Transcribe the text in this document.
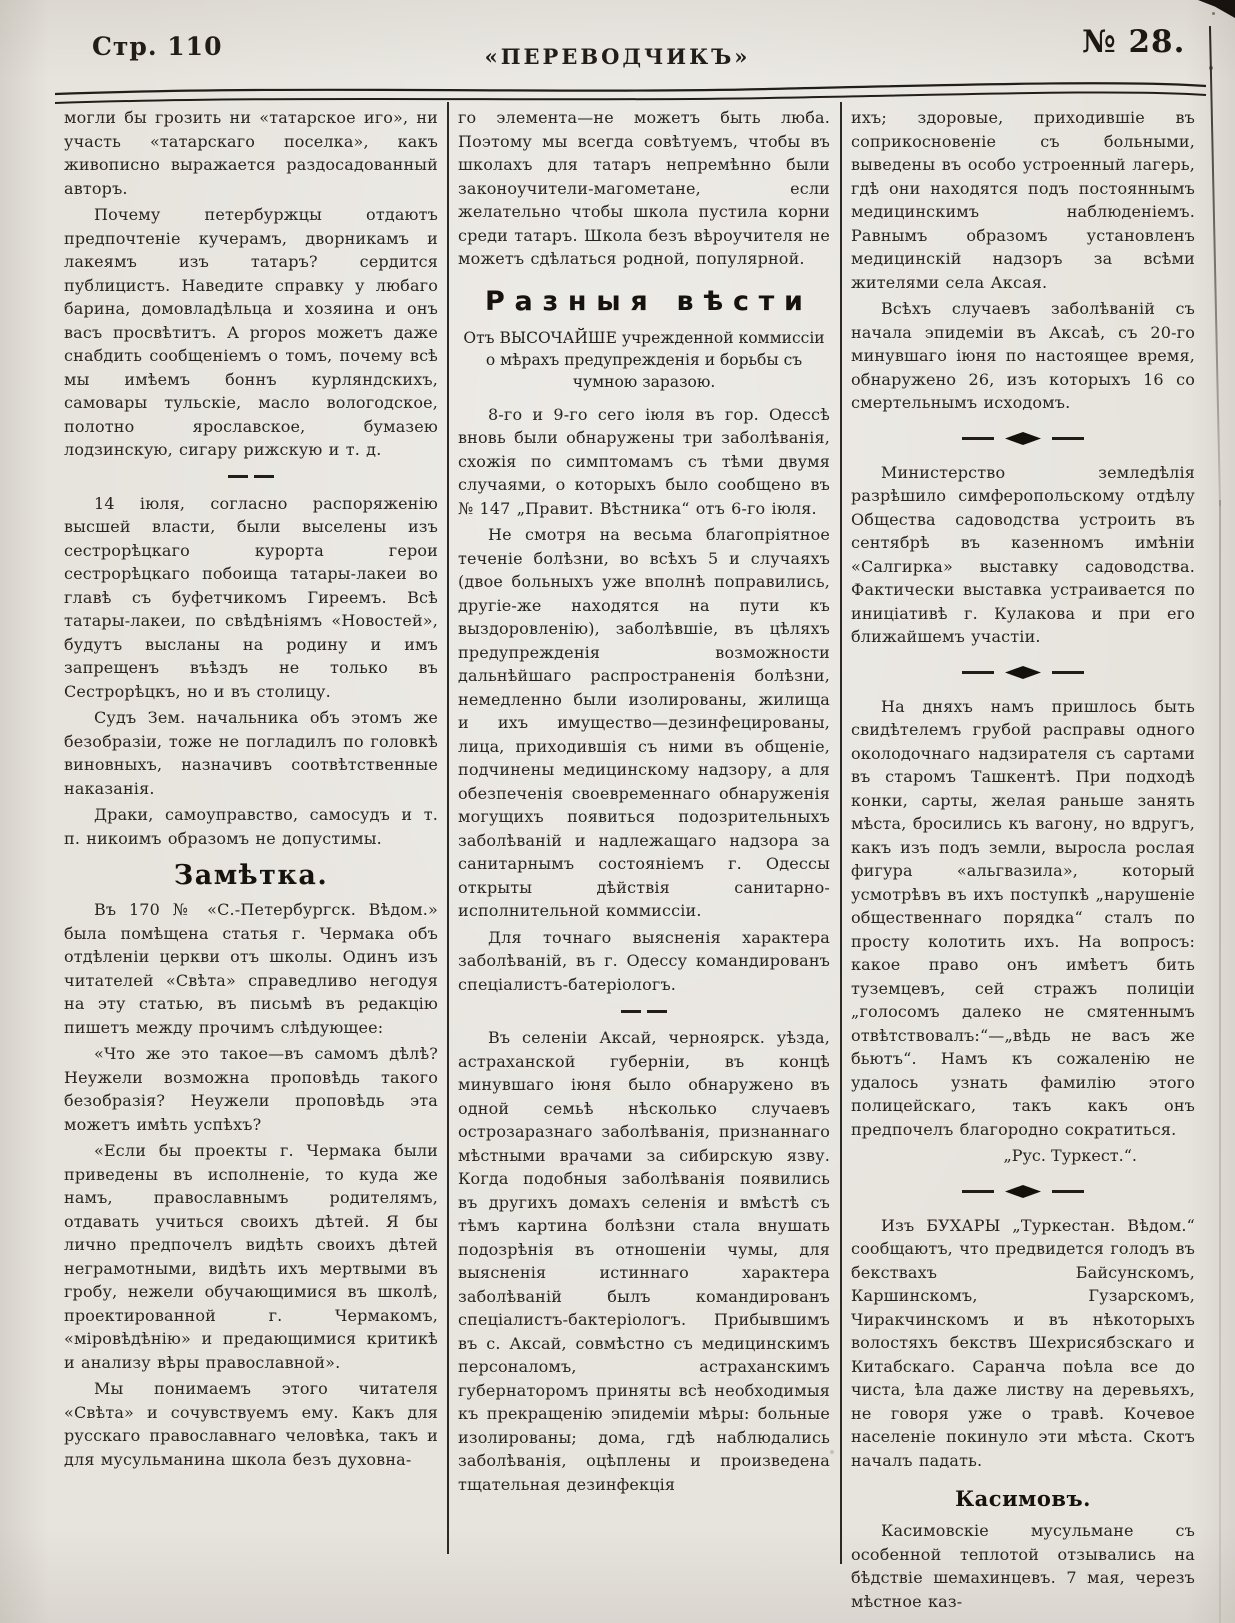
Стр. 110	«ПЕРЕВОДЧИКЪ»	№ 28.

могли бы грозить ни «татарское иго», ни участь «татарскаго поселка», какъ живописно выражается раздосадованный авторъ.

Почему петербуржцы отдаютъ предпочтеніе кучерамъ, дворникамъ и лакеямъ изъ татаръ? сердится публицистъ. Наведите справку у любаго барина, домовладѣльца и хозяина и онъ васъ просвѣтитъ. A propos можетъ даже снабдить сообщеніемъ о томъ, почему всѣ мы имѣемъ боннъ курляндскихъ, самовары тульскіе, масло вологодское, полотно ярославское, бумазею лодзинскую, сигару рижскую и т. д.

14 іюля, согласно распоряженію высшей власти, были выселены изъ сестрорѣцкаго курорта герои сестрорѣцкаго побоища татары-лакеи во главѣ съ буфетчикомъ Гиреемъ. Всѣ татары-лакеи, по свѣдѣніямъ «Новостей», будутъ высланы на родину и имъ запрещенъ въѣздъ не только въ Сестрорѣцкъ, но и въ столицу.

Судъ Зем. начальника объ этомъ же безобразіи, тоже не погладилъ по головкѣ виновныхъ, назначивъ соотвѣтственные наказанія.

Драки, самоуправство, самосудъ и т. п. никоимъ образомъ не допустимы.

Замѣтка.

Въ 170 № «С.-Петербургск. Вѣдом.» была помѣщена статья г. Чермака объ отдѣленіи церкви отъ школы. Одинъ изъ читателей «Свѣта» справедливо негодуя на эту статью, въ письмѣ въ редакцію пишетъ между прочимъ слѣдующее:

«Что же это такое—въ самомъ дѣлѣ? Неужели возможна проповѣдь такого безобразія? Неужели проповѣдь эта можетъ имѣть успѣхъ?

«Если бы проекты г. Чермака были приведены въ исполненіе, то куда же намъ, православнымъ родителямъ, отдавать учиться своихъ дѣтей. Я бы лично предпочелъ видѣть своихъ дѣтей неграмотными, видѣть ихъ мертвыми въ гробу, нежели обучающимися въ школѣ, проектированной г. Чермакомъ, «міровѣдѣнію» и предающимися критикѣ и анализу вѣры православной».

Мы понимаемъ этого читателя «Свѣта» и сочувствуемъ ему. Какъ для русскаго православнаго человѣка, такъ и для мусульманина школа безъ духовна-

го элемента—не можетъ быть люба. Поэтому мы всегда совѣтуемъ, чтобы въ школахъ для татаръ непремѣнно были законоучители-магометане, если желательно чтобы школа пустила корни среди татаръ. Школа безъ вѣроучителя не можетъ сдѣлаться родной, популярной.

Разныя вѣсти
Отъ ВЫСОЧАЙШЕ учрежденной коммиссіи о мѣрахъ предупрежденія и борьбы съ чумною заразою.

8-го и 9-го сего іюля въ гор. Одессѣ вновь были обнаружены три заболѣванія, схожія по симптомамъ съ тѣми двумя случаями, о которыхъ было сообщено въ № 147 „Правит. Вѣстника“ отъ 6-го іюля.

Не смотря на весьма благопріятное теченіе болѣзни, во всѣхъ 5 и случаяхъ (двое больныхъ уже вполнѣ поправились, другіе-же находятся на пути къ выздоровленію), заболѣвшіе, въ цѣляхъ предупрежденія возможности дальнѣйшаго распространенія болѣзни, немедленно были изолированы, жилища и ихъ имущество—дезинфецированы, лица, приходившія съ ними въ общеніе, подчинены медицинскому надзору, а для обезпеченія своевременнаго обнаруженія могущихъ появиться подозрительныхъ заболѣваній и надлежащаго надзора за санитарнымъ состояніемъ г. Одессы открыты дѣйствія санитарно-исполнительной коммиссіи.

Для точнаго выясненія характера заболѣваній, въ г. Одессу командированъ спеціалистъ-батеріологъ.

Въ селеніи Аксай, черноярск. уѣзда, астраханской губерніи, въ концѣ минувшаго іюня было обнаружено въ одной семьѣ нѣсколько случаевъ острозаразнаго заболѣванія, признаннаго мѣстными врачами за сибирскую язву. Когда подобныя заболѣванія появились въ другихъ домахъ селенія и вмѣстѣ съ тѣмъ картина болѣзни стала внушать подозрѣнія въ отношеніи чумы, для выясненія истиннаго характера заболѣваній былъ командированъ спеціалистъ-бактеріологъ. Прибывшимъ въ с. Аксай, совмѣстно съ медицинскимъ персоналомъ, астраханскимъ губернаторомъ приняты всѣ необходимыя къ прекращенію эпидеміи мѣры: больные изолированы; дома, гдѣ наблюдались заболѣванія, оцѣплены и произведена тщательная дезинфекція

ихъ; здоровые, приходившіе въ соприкосновеніе съ больными, выведены въ особо устроенный лагерь, гдѣ они находятся подъ постояннымъ медицинскимъ наблюденіемъ. Равнымъ образомъ установленъ медицинскій надзоръ за всѣми жителями села Аксая.

Всѣхъ случаевъ заболѣваній съ начала эпидеміи въ Аксаѣ, съ 20-го минувшаго іюня по настоящее время, обнаружено 26, изъ которыхъ 16 со смертельнымъ исходомъ.

Министерство земледѣлія разрѣшило симферопольскому отдѣлу Общества садоводства устроить въ сентябрѣ въ казенномъ имѣніи «Салгирка» выставку садоводства. Фактически выставка устраивается по иниціативѣ г. Кулакова и при его ближайшемъ участіи.

На дняхъ намъ пришлось быть свидѣтелемъ грубой расправы одного околодочнаго надзирателя съ сартами въ старомъ Ташкентѣ. При подходѣ конки, сарты, желая раньше занять мѣста, бросились къ вагону, но вдругъ, какъ изъ подъ земли, выросла рослая фигура «альгвазила», который усмотрѣвъ въ ихъ поступкѣ „нарушеніе общественнаго порядка“ сталъ по просту колотить ихъ. На вопросъ: какое право онъ имѣетъ бить туземцевъ, сей стражъ полиціи „голосомъ далеко не смятеннымъ отвѣтствовалъ:“—„вѣдь не васъ же бьютъ“. Намъ къ сожаленію не удалось узнать фамилію этого полицейскаго, такъ какъ онъ предпочелъ благородно сократиться.

„Рус. Туркест.“.

Изъ БУХАРЫ „Туркестан. Вѣдом.“ сообщаютъ, что предвидется голодъ въ бекствахъ Байсунскомъ, Каршинскомъ, Гузарскомъ, Чиракчинскомъ и въ нѣкоторыхъ волостяхъ бекствъ Шехрисябзскаго и Китабскаго. Саранча поѣла все до чиста, ѣла даже листву на деревьяхъ, не говоря уже о травѣ. Кочевое населеніе покинуло эти мѣста. Скотъ началъ падать.

Касимовъ.

Касимовскіе мусульмане съ особенной теплотой отзывались на бѣдствіе шемахинцевъ. 7 мая, черезъ мѣстное каз-
